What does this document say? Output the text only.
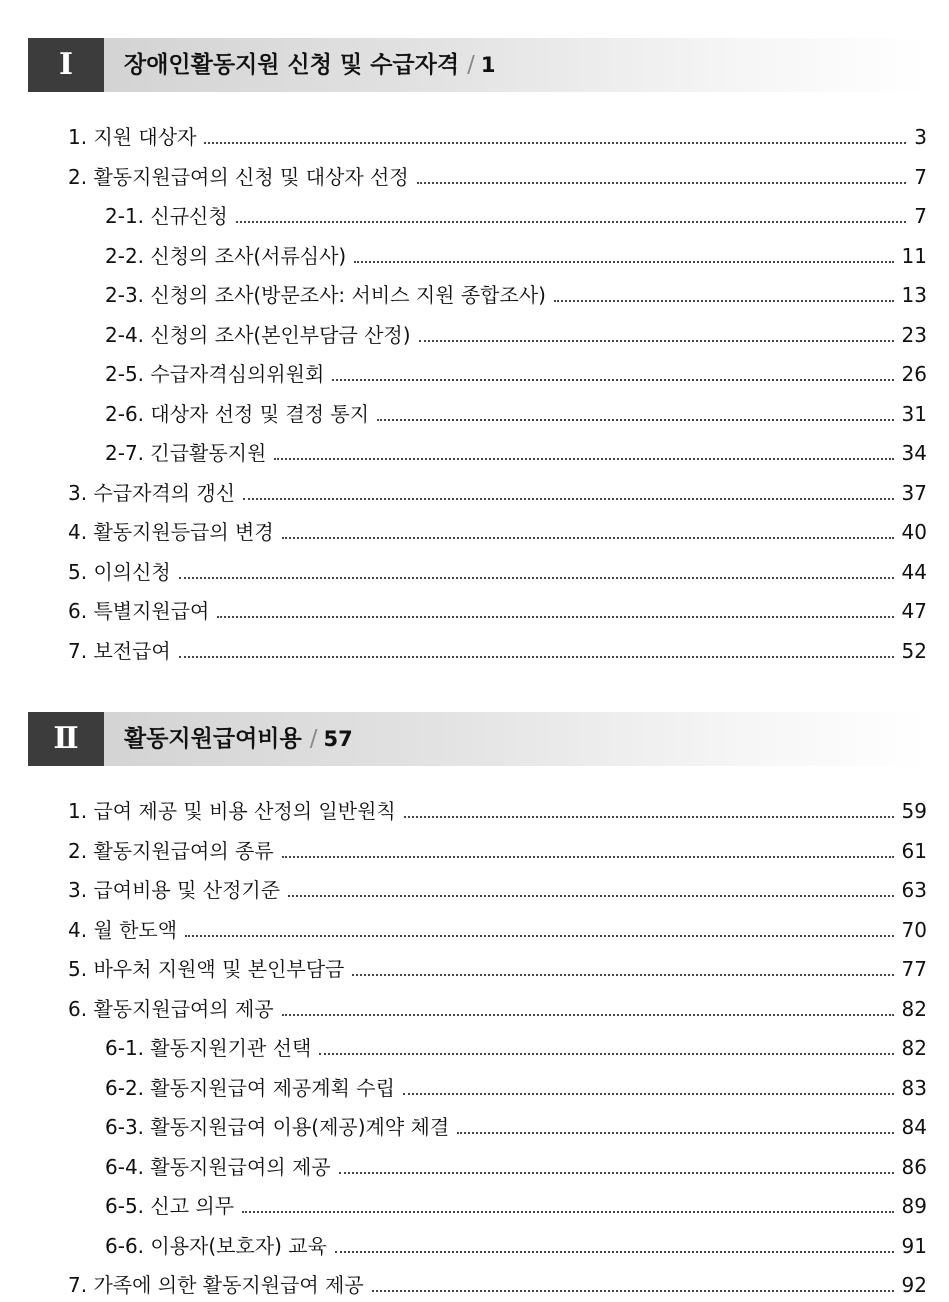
Ⅰ	장애인활동지원 신청 및 수급자격 / 1
1. 지원 대상자	3
2. 활동지원급여의 신청 및 대상자 선정	7
2-1. 신규신청	7
2-2. 신청의 조사(서류심사)	11
2-3. 신청의 조사(방문조사: 서비스 지원 종합조사)	13
2-4. 신청의 조사(본인부담금 산정)	23
2-5. 수급자격심의위원회	26
2-6. 대상자 선정 및 결정 통지	31
2-7. 긴급활동지원	34
3. 수급자격의 갱신	37
4. 활동지원등급의 변경	40
5. 이의신청	44
6. 특별지원급여	47
7. 보전급여	52
Ⅱ	활동지원급여비용 / 57
1. 급여 제공 및 비용 산정의 일반원칙	59
2. 활동지원급여의 종류	61
3. 급여비용 및 산정기준	63
4. 월 한도액	70
5. 바우처 지원액 및 본인부담금	77
6. 활동지원급여의 제공	82
6-1. 활동지원기관 선택	82
6-2. 활동지원급여 제공계획 수립	83
6-3. 활동지원급여 이용(제공)계약 체결	84
6-4. 활동지원급여의 제공	86
6-5. 신고 의무	89
6-6. 이용자(보호자) 교육	91
7. 가족에 의한 활동지원급여 제공	92
